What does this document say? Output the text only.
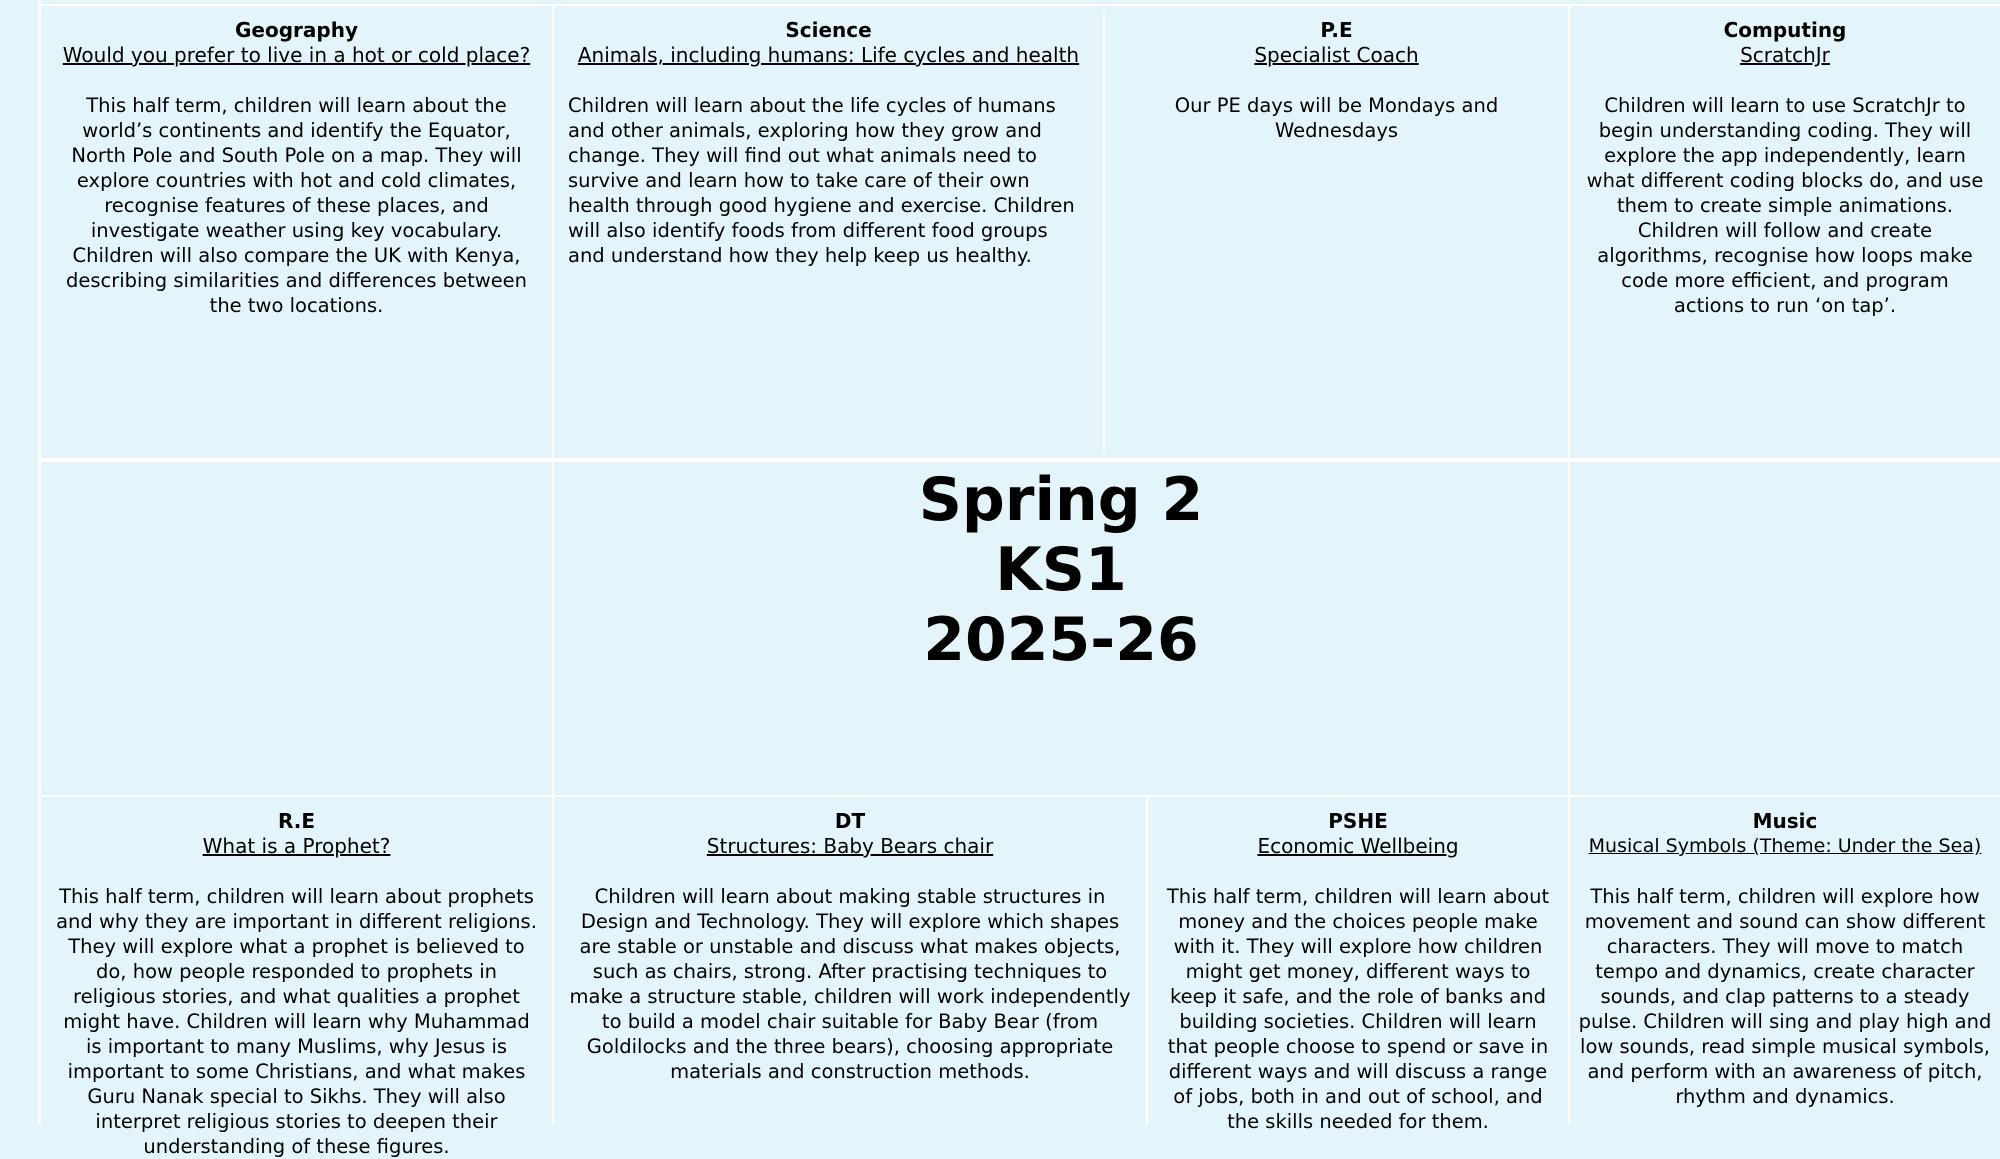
Geography
Would you prefer to live in a hot or cold place?
This half term, children will learn about the world’s continents and identify the Equator, North Pole and South Pole on a map. They will explore countries with hot and cold climates, recognise features of these places, and investigate weather using key vocabulary. Children will also compare the UK with Kenya, describing similarities and differences between the two locations.
Science
Animals, including humans: Life cycles and health
Children will learn about the life cycles of humans and other animals, exploring how they grow and change. They will find out what animals need to survive and learn how to take care of their own health through good hygiene and exercise. Children will also identify foods from different food groups and understand how they help keep us healthy.
P.E
Specialist Coach
Our PE days will be Mondays and Wednesdays
Computing
ScratchJr
Children will learn to use ScratchJr to begin understanding coding. They will explore the app independently, learn what different coding blocks do, and use them to create simple animations. Children will follow and create algorithms, recognise how loops make code more efficient, and program actions to run ‘on tap’.
Spring 2
KS1
2025-26
R.E
What is a Prophet?
This half term, children will learn about prophets and why they are important in different religions. They will explore what a prophet is believed to do, how people responded to prophets in religious stories, and what qualities a prophet might have. Children will learn why Muhammad is important to many Muslims, why Jesus is important to some Christians, and what makes Guru Nanak special to Sikhs. They will also interpret religious stories to deepen their understanding of these figures.
DT
Structures: Baby Bears chair
Children will learn about making stable structures in Design and Technology. They will explore which shapes are stable or unstable and discuss what makes objects, such as chairs, strong. After practising techniques to make a structure stable, children will work independently to build a model chair suitable for Baby Bear (from Goldilocks and the three bears), choosing appropriate materials and construction methods.
PSHE
Economic Wellbeing
This half term, children will learn about money and the choices people make with it. They will explore how children might get money, different ways to keep it safe, and the role of banks and building societies. Children will learn that people choose to spend or save in different ways and will discuss a range of jobs, both in and out of school, and the skills needed for them.
Music
Musical Symbols (Theme: Under the Sea)
This half term, children will explore how movement and sound can show different characters. They will move to match tempo and dynamics, create character sounds, and clap patterns to a steady pulse. Children will sing and play high and low sounds, read simple musical symbols, and perform with an awareness of pitch, rhythm and dynamics.
